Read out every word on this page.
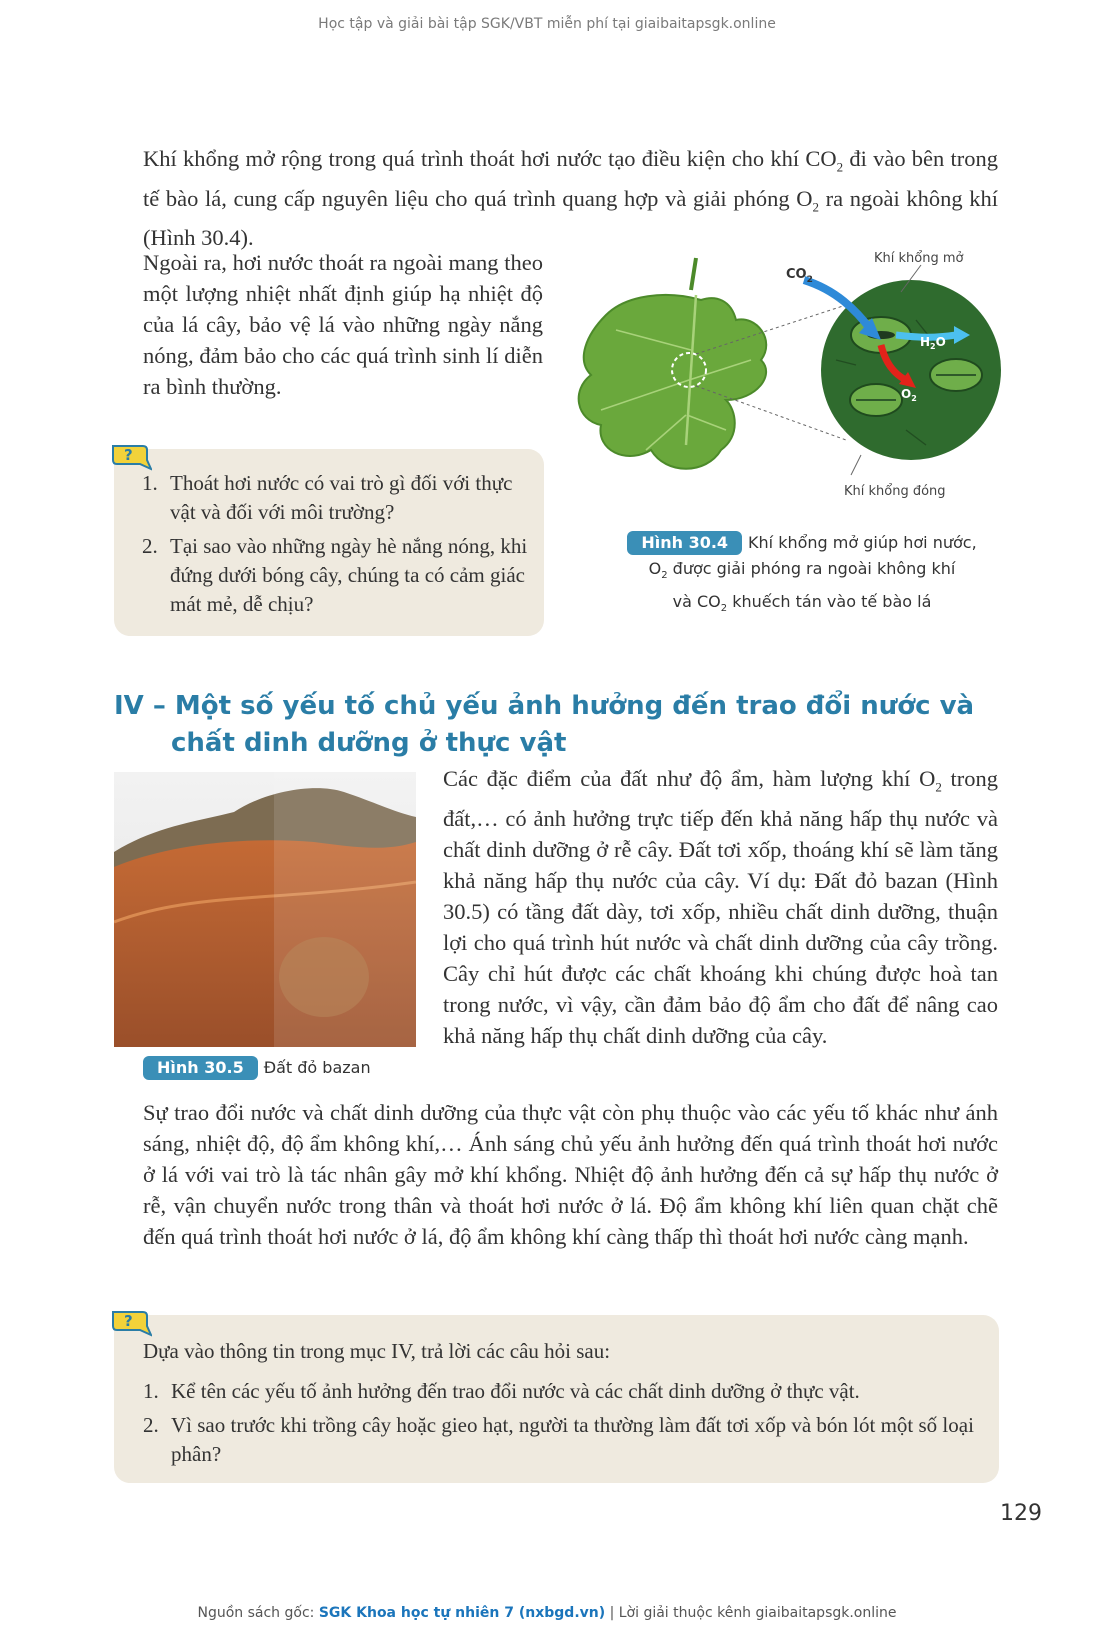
Học tập và giải bài tập SGK/VBT miễn phí tại giaibaitapsgk.online
Khí khổng mở rộng trong quá trình thoát hơi nước tạo điều kiện cho khí $CO_2$ đi vào bên trong tế bào lá, cung cấp nguyên liệu cho quá trình quang hợp và giải phóng $O_2$ ra ngoài không khí (Hình 30.4).
Ngoài ra, hơi nước thoát ra ngoài mang theo một lượng nhiệt nhất định giúp hạ nhiệt độ của lá cây, bảo vệ lá vào những ngày nắng nóng, đảm bảo cho các quá trình sinh lí diễn ra bình thường.
?
1. Thoát hơi nước có vai trò gì đối với thực vật và đối với môi trường?
2. Tại sao vào những ngày hè nắng nóng, khi đứng dưới bóng cây, chúng ta có cảm giác mát mẻ, dễ chịu?
Khí khổng mở
Khí khổng đóng
$CO_2$
$H_2O$
$O_2$
Hình 30.4 Khí khổng mở giúp hơi nước,
$O_2$ được giải phóng ra ngoài không khí
và $CO_2$ khuếch tán vào tế bào lá
IV – Một số yếu tố chủ yếu ảnh hưởng đến trao đổi nước và
chất dinh dưỡng ở thực vật
Hình 30.5 Đất đỏ bazan
Các đặc điểm của đất như độ ẩm, hàm lượng khí $O_2$ trong đất,… có ảnh hưởng trực tiếp đến khả năng hấp thụ nước và chất dinh dưỡng ở rễ cây. Đất tơi xốp, thoáng khí sẽ làm tăng khả năng hấp thụ nước của cây. Ví dụ: Đất đỏ bazan (Hình 30.5) có tầng đất dày, tơi xốp, nhiều chất dinh dưỡng, thuận lợi cho quá trình hút nước và chất dinh dưỡng của cây trồng. Cây chỉ hút được các chất khoáng khi chúng được hoà tan trong nước, vì vậy, cần đảm bảo độ ẩm cho đất để nâng cao khả năng hấp thụ chất dinh dưỡng của cây.
Sự trao đổi nước và chất dinh dưỡng của thực vật còn phụ thuộc vào các yếu tố khác như ánh sáng, nhiệt độ, độ ẩm không khí,… Ánh sáng chủ yếu ảnh hưởng đến quá trình thoát hơi nước ở lá với vai trò là tác nhân gây mở khí khổng. Nhiệt độ ảnh hưởng đến cả sự hấp thụ nước ở rễ, vận chuyển nước trong thân và thoát hơi nước ở lá. Độ ẩm không khí liên quan chặt chẽ đến quá trình thoát hơi nước ở lá, độ ẩm không khí càng thấp thì thoát hơi nước càng mạnh.
?
Dựa vào thông tin trong mục IV, trả lời các câu hỏi sau:
1. Kể tên các yếu tố ảnh hưởng đến trao đổi nước và các chất dinh dưỡng ở thực vật.
2. Vì sao trước khi trồng cây hoặc gieo hạt, người ta thường làm đất tơi xốp và bón lót một số loại phân?
129
Nguồn sách gốc: SGK Khoa học tự nhiên 7 (nxbgd.vn) | Lời giải thuộc kênh giaibaitapsgk.online
